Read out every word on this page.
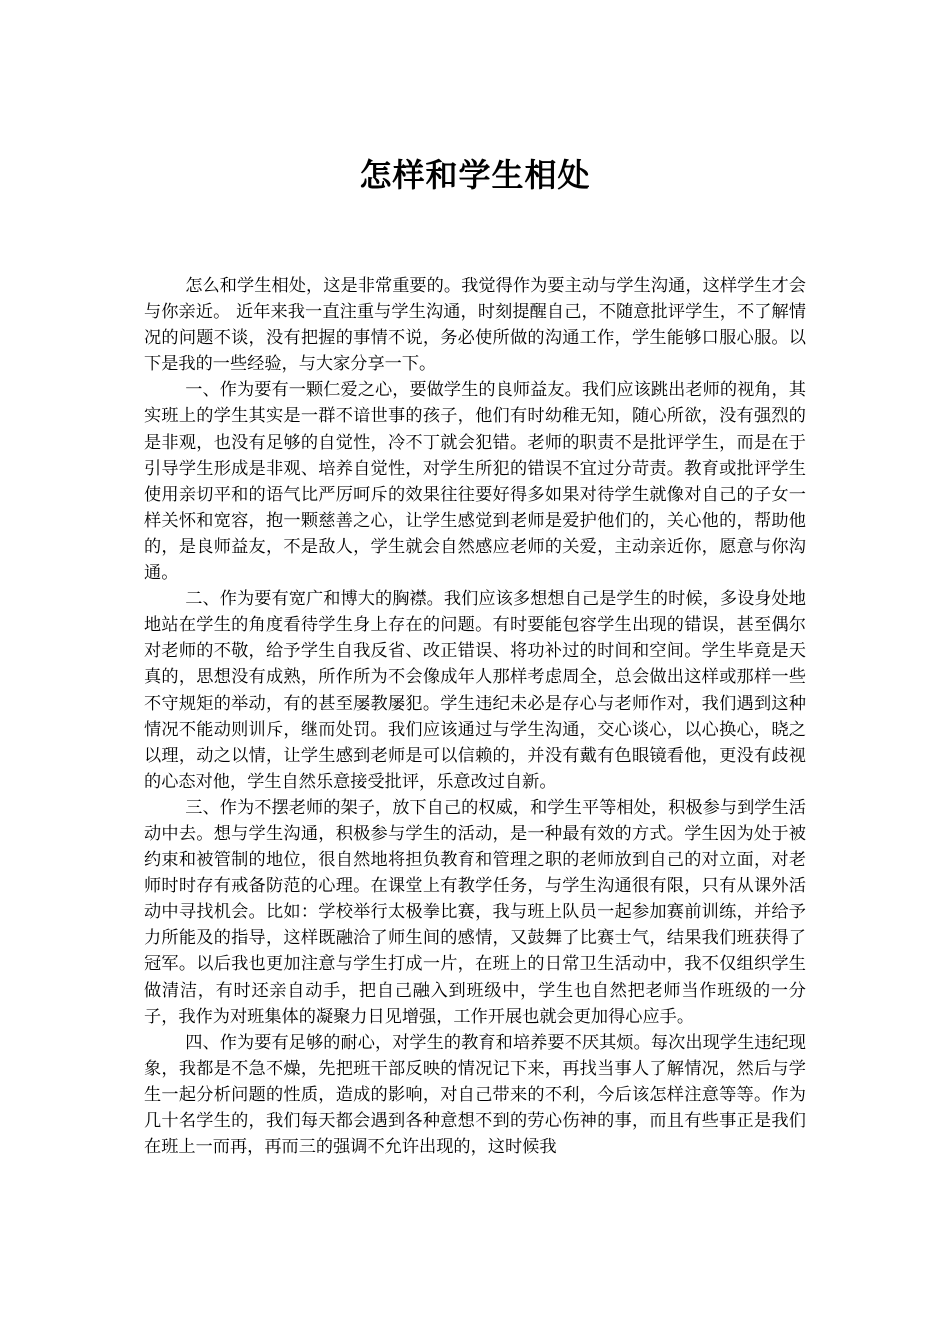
怎样和学生相处

怎么和学生相处，这是非常重要的。我觉得作为要主动与学生沟通，这样学生才会与你亲近。 近年来我一直注重与学生沟通，时刻提醒自己，不随意批评学生，不了解情况的问题不谈，没有把握的事情不说，务必使所做的沟通工作，学生能够口服心服。以下是我的一些经验，与大家分享一下。

一、作为要有一颗仁爱之心，要做学生的良师益友。我们应该跳出老师的视角，其实班上的学生其实是一群不谙世事的孩子，他们有时幼稚无知，随心所欲，没有强烈的是非观，也没有足够的自觉性，冷不丁就会犯错。老师的职责不是批评学生，而是在于引导学生形成是非观、培养自觉性，对学生所犯的错误不宜过分苛责。教育或批评学生使用亲切平和的语气比严厉呵斥的效果往往要好得多如果对待学生就像对自己的子女一样关怀和宽容，抱一颗慈善之心，让学生感觉到老师是爱护他们的，关心他的，帮助他的，是良师益友，不是敌人，学生就会自然感应老师的关爱，主动亲近你，愿意与你沟通。

二、作为要有宽广和博大的胸襟。我们应该多想想自己是学生的时候，多设身处地地站在学生的角度看待学生身上存在的问题。有时要能包容学生出现的错误，甚至偶尔对老师的不敬，给予学生自我反省、改正错误、将功补过的时间和空间。学生毕竟是天真的，思想没有成熟，所作所为不会像成年人那样考虑周全，总会做出这样或那样一些不守规矩的举动，有的甚至屡教屡犯。学生违纪未必是存心与老师作对，我们遇到这种情况不能动则训斥，继而处罚。我们应该通过与学生沟通，交心谈心，以心换心，晓之以理，动之以情，让学生感到老师是可以信赖的，并没有戴有色眼镜看他，更没有歧视的心态对他，学生自然乐意接受批评，乐意改过自新。

三、作为不摆老师的架子，放下自己的权威，和学生平等相处，积极参与到学生活动中去。想与学生沟通，积极参与学生的活动，是一种最有效的方式。学生因为处于被约束和被管制的地位，很自然地将担负教育和管理之职的老师放到自己的对立面，对老师时时存有戒备防范的心理。在课堂上有教学任务，与学生沟通很有限，只有从课外活动中寻找机会。比如：学校举行太极拳比赛，我与班上队员一起参加赛前训练，并给予力所能及的指导，这样既融洽了师生间的感情，又鼓舞了比赛士气，结果我们班获得了冠军。以后我也更加注意与学生打成一片，在班上的日常卫生活动中，我不仅组织学生做清洁，有时还亲自动手，把自己融入到班级中，学生也自然把老师当作班级的一分子，我作为对班集体的凝聚力日见增强，工作开展也就会更加得心应手。

四、作为要有足够的耐心，对学生的教育和培养要不厌其烦。每次出现学生违纪现象，我都是不急不燥，先把班干部反映的情况记下来，再找当事人了解情况，然后与学生一起分析问题的性质，造成的影响，对自己带来的不利，今后该怎样注意等等。作为几十名学生的，我们每天都会遇到各种意想不到的劳心伤神的事，而且有些事正是我们在班上一而再，再而三的强调不允许出现的，这时候我
